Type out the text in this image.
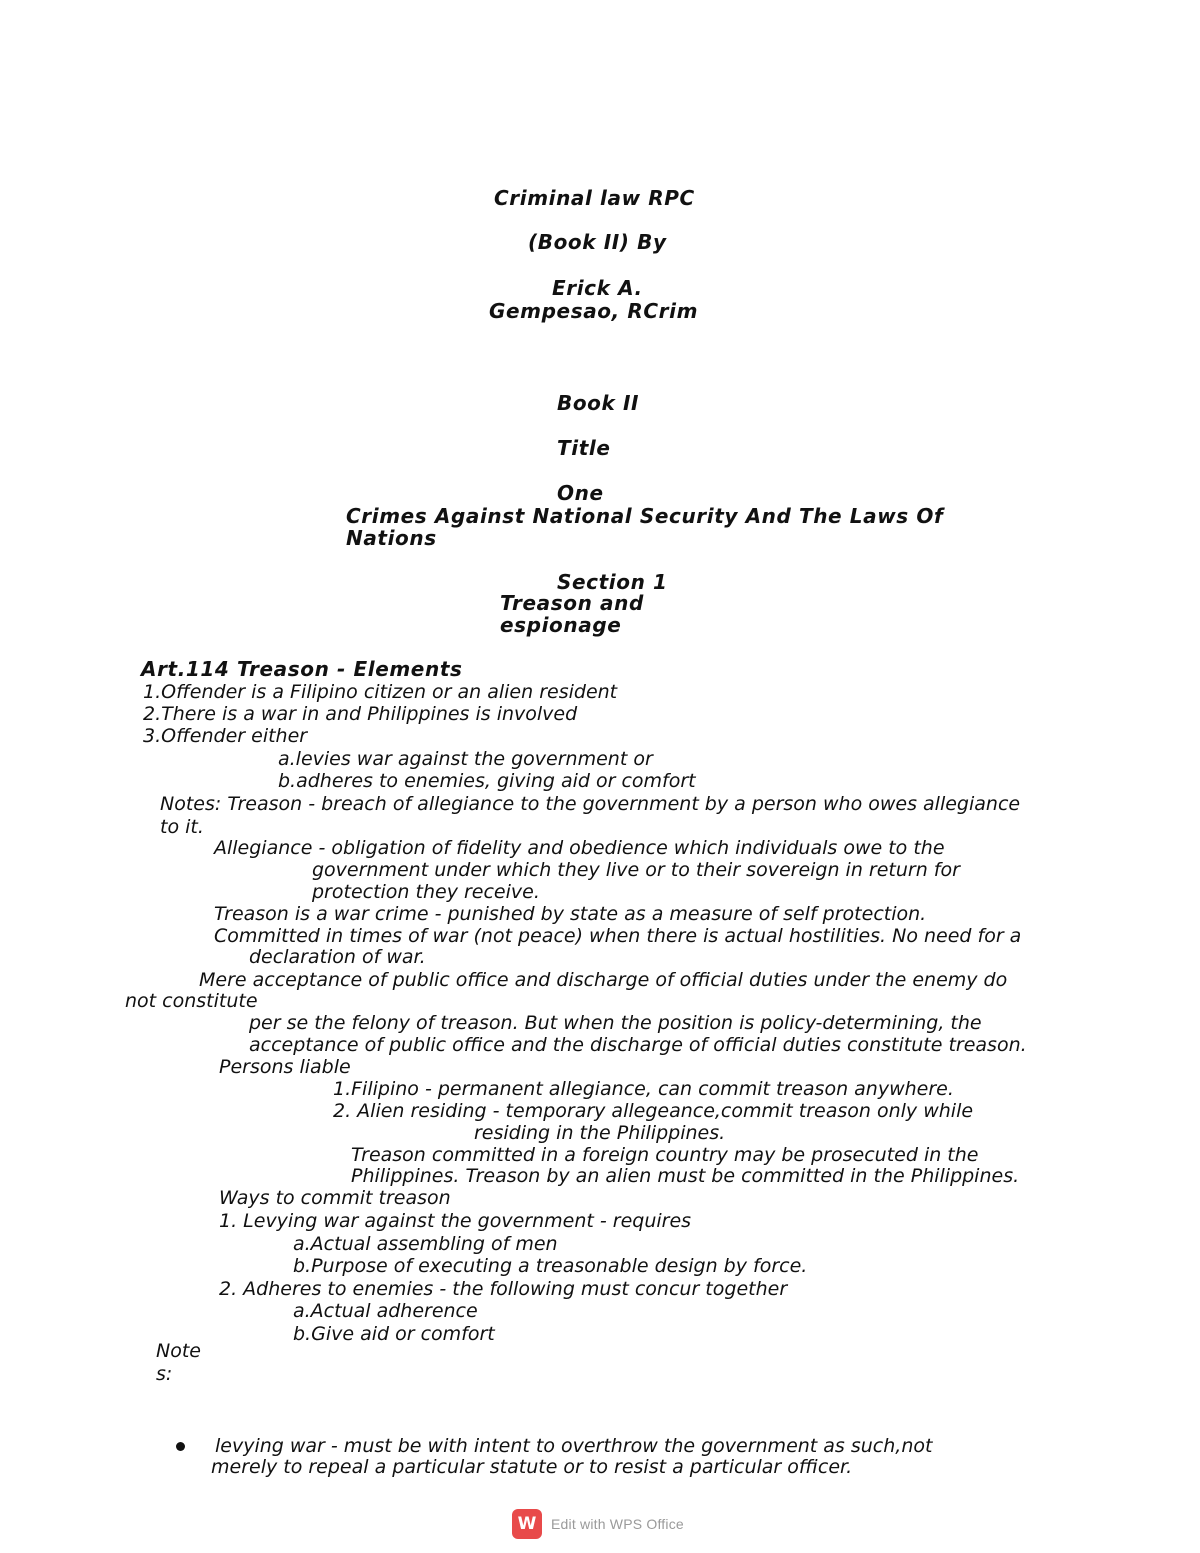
Criminal law RPC
(Book II) By
Erick A.
Gempesao, RCrim
Book II
Title
One
Crimes Against National Security And The Laws Of
Nations
Section 1
Treason and
espionage
Art.114 Treason - Elements
1.Offender is a Filipino citizen or an alien resident
2.There is a war in and Philippines is involved
3.Offender either
a.levies war against the government or
b.adheres to enemies, giving aid or comfort
Notes: Treason - breach of allegiance to the government by a person who owes allegiance
to it.
Allegiance - obligation of fidelity and obedience which individuals owe to the
government under which they live or to their sovereign in return for
protection they receive.
Treason is a war crime - punished by state as a measure of self protection.
Committed in times of war (not peace) when there is actual hostilities. No need for a
declaration of war.
Mere acceptance of public office and discharge of official duties under the enemy do
not constitute
per se the felony of treason. But when the position is policy-determining, the
acceptance of public office and the discharge of official duties constitute treason.
Persons liable
1.Filipino - permanent allegiance, can commit treason anywhere.
2. Alien residing - temporary allegeance,commit treason only while
residing in the Philippines.
Treason committed in a foreign country may be prosecuted in the
Philippines. Treason by an alien must be committed in the Philippines.
Ways to commit treason
1. Levying war against the government - requires
a.Actual assembling of men
b.Purpose of executing a treasonable design by force.
2. Adheres to enemies - the following must concur together
a.Actual adherence
b.Give aid or comfort
Note
s:
levying war - must be with intent to overthrow the government as such,not
merely to repeal a particular statute or to resist a particular officer.
W	Edit with WPS Office
